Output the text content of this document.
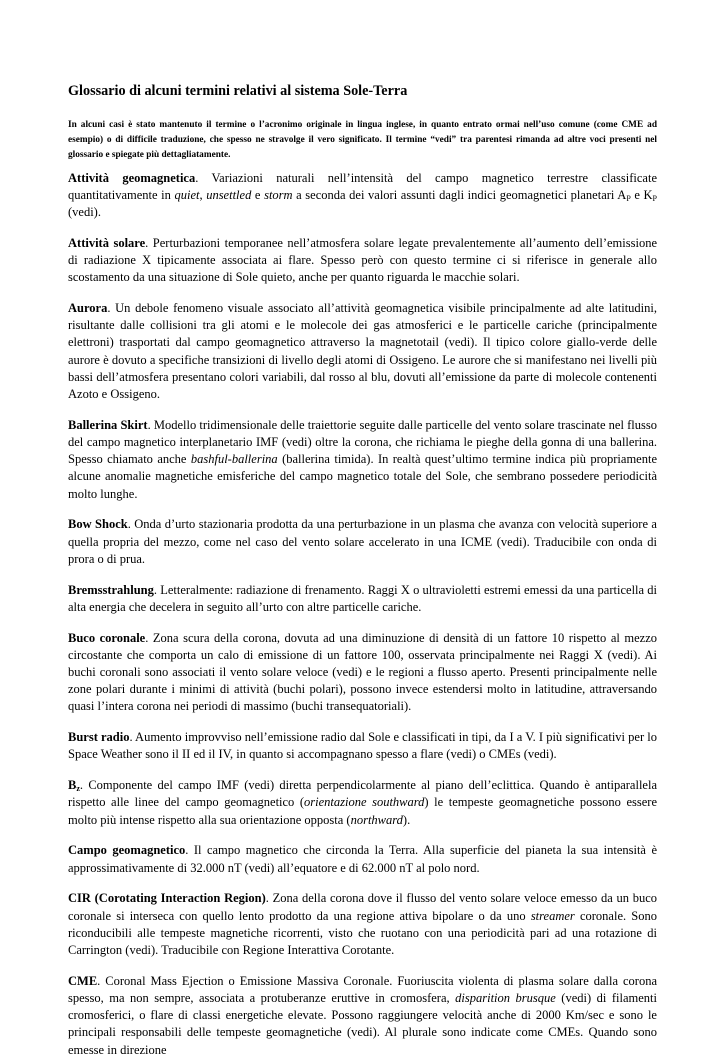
Glossario di alcuni termini relativi al sistema Sole-Terra

In alcuni casi è stato mantenuto il termine o l’acronimo originale in lingua inglese, in quanto entrato ormai nell’uso comune (come CME ad esempio) o di difficile traduzione, che spesso ne stravolge il vero significato. Il termine “vedi” tra parentesi rimanda ad altre voci presenti nel glossario e spiegate più dettagliatamente.

Attività geomagnetica. Variazioni naturali nell’intensità del campo magnetico terrestre classificate quantitativamente in quiet, unsettled e storm a seconda dei valori assunti dagli indici geomagnetici planetari $A_P$ e $K_P$ (vedi).

Attività solare. Perturbazioni temporanee nell’atmosfera solare legate prevalentemente all’aumento dell’emissione di radiazione X tipicamente associata ai flare. Spesso però con questo termine ci si riferisce in generale allo scostamento da una situazione di Sole quieto, anche per quanto riguarda le macchie solari.

Aurora. Un debole fenomeno visuale associato all’attività geomagnetica visibile principalmente ad alte latitudini, risultante dalle collisioni tra gli atomi e le molecole dei gas atmosferici e le particelle cariche (principalmente elettroni) trasportati dal campo geomagnetico attraverso la magnetotail (vedi). Il tipico colore giallo-verde delle aurore è dovuto a specifiche transizioni di livello degli atomi di Ossigeno. Le aurore che si manifestano nei livelli più bassi dell’atmosfera presentano colori variabili, dal rosso al blu, dovuti all’emissione da parte di molecole contenenti Azoto e Ossigeno.

Ballerina Skirt. Modello tridimensionale delle traiettorie seguite dalle particelle del vento solare trascinate nel flusso del campo magnetico interplanetario IMF (vedi) oltre la corona, che richiama le pieghe della gonna di una ballerina. Spesso chiamato anche bashful-ballerina (ballerina timida). In realtà quest’ultimo termine indica più propriamente alcune anomalie magnetiche emisferiche del campo magnetico totale del Sole, che sembrano possedere periodicità molto lunghe.

Bow Shock. Onda d’urto stazionaria prodotta da una perturbazione in un plasma che avanza con velocità superiore a quella propria del mezzo, come nel caso del vento solare accelerato in una ICME (vedi). Traducibile con onda di prora o di prua.

Bremsstrahlung. Letteralmente: radiazione di frenamento. Raggi X o ultravioletti estremi emessi da una particella di alta energia che decelera in seguito all’urto con altre particelle cariche.

Buco coronale. Zona scura della corona, dovuta ad una diminuzione di densità di un fattore 10 rispetto al mezzo circostante che comporta un calo di emissione di un fattore 100, osservata principalmente nei Raggi X (vedi). Ai buchi coronali sono associati il vento solare veloce (vedi) e le regioni a flusso aperto. Presenti principalmente nelle zone polari durante i minimi di attività (buchi polari), possono invece estendersi molto in latitudine, attraversando quasi l’intera corona nei periodi di massimo (buchi transequatoriali).

Burst radio. Aumento improvviso nell’emissione radio dal Sole e classificati in tipi, da I a V. I più significativi per lo Space Weather sono il II ed il IV, in quanto si accompagnano spesso a flare (vedi) o CMEs (vedi).

$B_z$. Componente del campo IMF (vedi) diretta perpendicolarmente al piano dell’eclittica. Quando è antiparallela rispetto alle linee del campo geomagnetico (orientazione southward) le tempeste geomagnetiche possono essere molto più intense rispetto alla sua orientazione opposta (northward).

Campo geomagnetico. Il campo magnetico che circonda la Terra. Alla superficie del pianeta la sua intensità è approssimativamente di 32.000 nT (vedi) all’equatore e di 62.000 nT al polo nord.

CIR (Corotating Interaction Region). Zona della corona dove il flusso del vento solare veloce emesso da un buco coronale si interseca con quello lento prodotto da una regione attiva bipolare o da uno streamer coronale. Sono riconducibili alle tempeste magnetiche ricorrenti, visto che ruotano con una periodicità pari ad una rotazione di Carrington (vedi). Traducibile con Regione Interattiva Corotante.

CME. Coronal Mass Ejection o Emissione Massiva Coronale. Fuoriuscita violenta di plasma solare dalla corona spesso, ma non sempre, associata a protuberanze eruttive in cromosfera, disparition brusque (vedi) di filamenti cromosferici, o flare di classi energetiche elevate. Possono raggiungere velocità anche di 2000 Km/sec e sono le principali responsabili delle tempeste geomagnetiche (vedi). Al plurale sono indicate come CMEs. Quando sono emesse in direzione
